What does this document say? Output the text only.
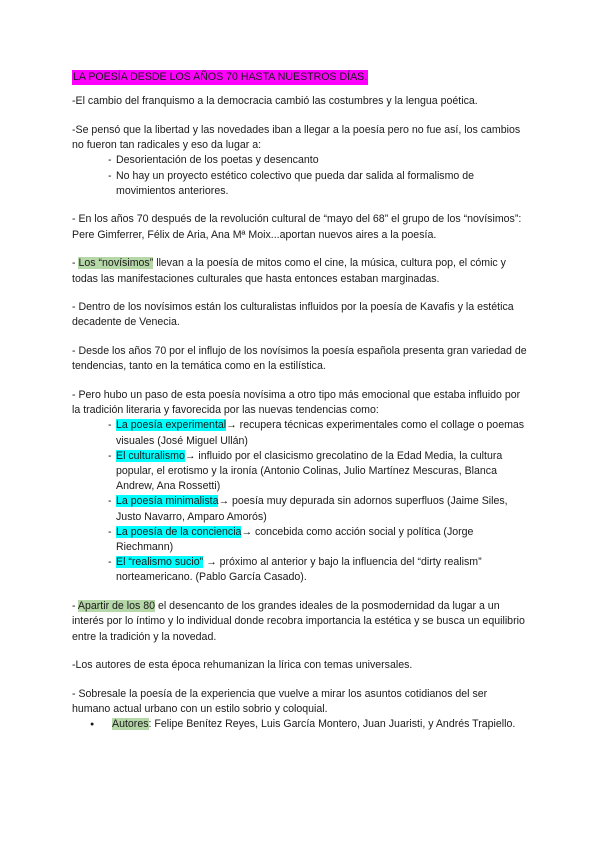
LA POESÍA DESDE LOS AÑOS 70 HASTA NUESTROS DÍAS.

-El cambio del franquismo a la democracia cambió las costumbres y la lengua poética.

-Se pensó que la libertad y las novedades iban a llegar a la poesía pero no fue así, los cambios no fueron tan radicales y eso da lugar a:

- Desorientación de los poetas y desencanto
- No hay un proyecto estético colectivo que pueda dar salida al formalismo de movimientos anteriores.

- En los años 70 después de la revolución cultural de “mayo del 68” el grupo de los “novísimos”: Pere Gimferrer, Félix de Aria, Ana Mª Moix...aportan nuevos aires a la poesía.

- Los “novísimos” llevan a la poesía de mitos como el cine, la música, cultura pop, el cómic y todas las manifestaciones culturales que hasta entonces estaban marginadas.

- Dentro de los novísimos están los culturalistas influidos por la poesía de Kavafis y la estética decadente de Venecia.

- Desde los años 70 por el influjo de los novísimos la poesía española presenta gran variedad de tendencias, tanto en la temática como en la estilística.

- Pero hubo un paso de esta poesía novísima a otro tipo más emocional que estaba influido por la tradición literaria y favorecida por las nuevas tendencias como:

- La poesía experimental→ recupera técnicas experimentales como el collage o poemas visuales (José Miguel Ullán)
- El culturalismo→ influido por el clasicismo grecolatino de la Edad Media, la cultura popular, el erotismo y la ironía (Antonio Colinas, Julio Martínez Mescuras, Blanca Andrew, Ana Rossetti)
- La poesía minimalista→ poesía muy depurada sin adornos superfluos (Jaime Siles, Justo Navarro, Amparo Amorós)
- La poesía de la conciencia→ concebida como acción social y política (Jorge Riechmann)
- El “realismo sucio” → próximo al anterior y bajo la influencia del “dirty realism” norteamericano. (Pablo García Casado).

- Apartir de los 80 el desencanto de los grandes ideales de la posmodernidad da lugar a un interés por lo íntimo y lo individual donde recobra importancia la estética y se busca un equilibrio entre la tradición y la novedad.

-Los autores de esta época rehumanizan la lírica con temas universales.

- Sobresale la poesía de la experiencia que vuelve a mirar los asuntos cotidianos del ser humano actual urbano con un estilo sobrio y coloquial.

● Autores: Felipe Benítez Reyes, Luis García Montero, Juan Juaristi, y Andrés Trapiello.
